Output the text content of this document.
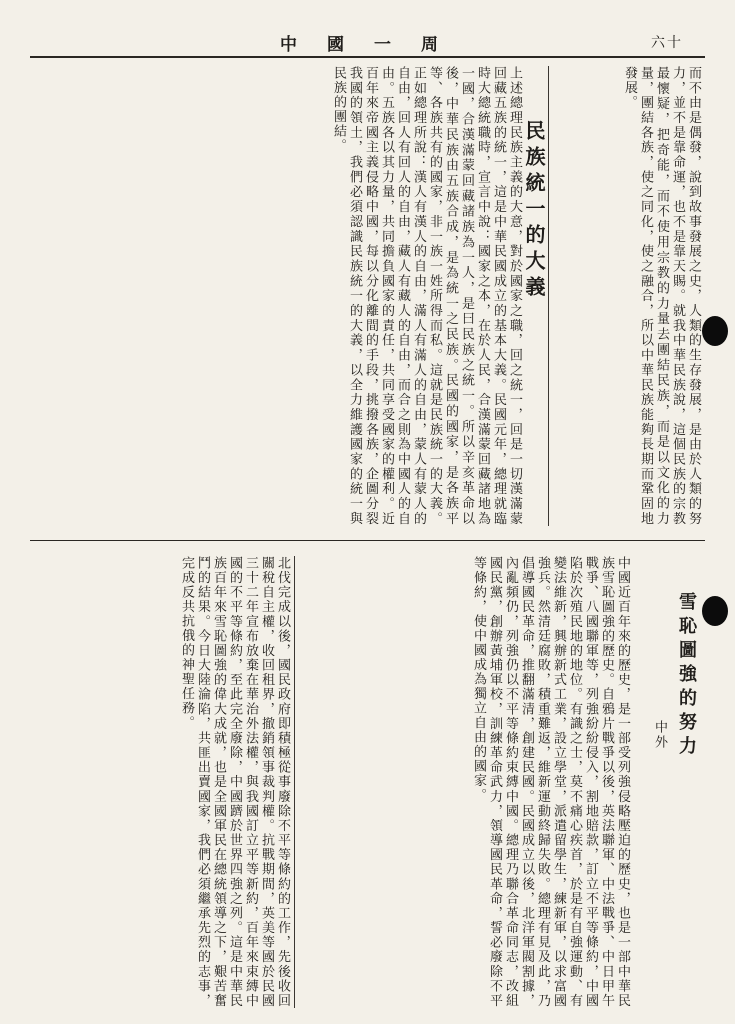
中國一周	六十
而不由是偶發，說到故事發展之史，人類的生存發展，是由於人類的努力，並不是靠命運，也不是靠天賜。就我中華民族說，這個民族的宗教最懷疑，把奇能，而不使用宗教的力量去團結民族，而是以文化的力量，團結各族，使之同化，使之融合，所以中華民族能夠長期而鞏固地發展。
民族統一的大義
上述總理民族主義的大意，對於國家之職，回之統一，回是一切漢滿蒙回藏五族的統一，這是中華民國成立的基本大義。民國元年，總理就臨時大總統職時，宣言中說：國家之本，在於人民，合漢滿蒙回藏諸地為一國，合漢滿蒙回藏諸族為一人，是曰民族之統一。所以辛亥革命以後，中華民族由五族合成，是為統一之民族。民國的國家，是各族平等、各族共有的國家，非一族一姓所得而私。這就是民族統一的大義。正如總理所說：漢人有漢人的自由，滿人有滿人的自由，蒙人有蒙人的自由，回人有回人的自由，藏人有藏人的自由，而合之則為中國人的自由。五族各以其力量，共同擔負國家的責任，共同享受國家的權利。近百年來帝國主義侵略中國，每以分化離間的手段，挑撥各族，企圖分裂我國的領土，我們必須認識民族統一的大義，以全力維護國家的統一與民族的團結。
雪恥圖強的努力
中外
中國近百年來的歷史，是一部受列強侵略壓迫的歷史，也是一部中華民族雪恥圖強的歷史。自鴉片戰爭以後，英法聯軍、中法戰爭、中日甲午戰爭、八國聯軍等，列強紛紛侵入，割地賠款，訂立不平等條約，中國陷於次殖民地的地位。有識之士，莫不痛心疾首，於是有自強運動、有變法維新，興辦新式工業，設立學堂，派遣留學生，練新軍，以求富國強兵。然清廷腐敗，積重難返，維新運動終歸失敗。總理有見及此，乃倡導國民革命，推翻滿清，創建民國。民國成立以後，北洋軍閥割據，內亂頻仍，列強仍以不平等條約束縛中國。總理乃聯合革命同志，改組國民黨，創辦黃埔軍校，訓練革命武力，領導國民革命，誓必廢除不平等條約，使中國成為獨立自由的國家。
北伐完成以後，國民政府即積極從事廢除不平等條約的工作，先後收回關稅自主權，收回租界，撤銷領事裁判權。抗戰期間，英美等國於民國三十二年宣布放棄在華治外法權，與我國訂立平等新約，百年來束縛中國的不平等條約，至此完全廢除，中國躋於世界四強之列。這是中華民族百年來雪恥圖強的偉大成就，也是全國軍民在總統領導之下，艱苦奮鬥的結果。今日大陸淪陷，共匪出賣國家，我們必須繼承先烈的志事，完成反共抗俄的神聖任務。
